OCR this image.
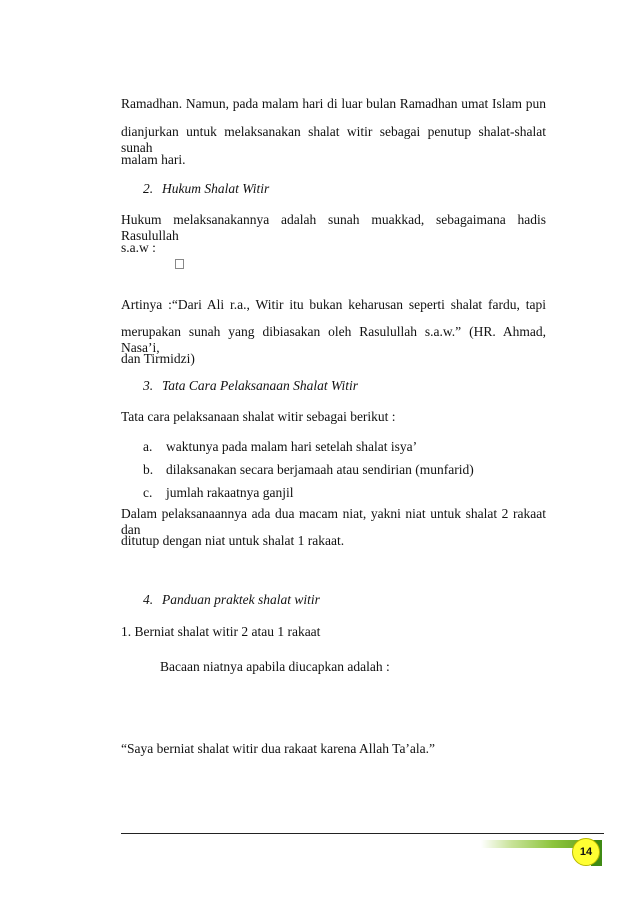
Ramadhan. Namun, pada malam hari di luar bulan Ramadhan umat Islam pun
dianjurkan untuk melaksanakan shalat witir sebagai penutup shalat-shalat sunah
malam hari.
2. Hukum Shalat Witir
Hukum melaksanakannya adalah sunah muakkad, sebagaimana hadis Rasulullah
s.a.w :
Artinya :“Dari Ali r.a., Witir itu bukan keharusan seperti shalat fardu, tapi
merupakan sunah yang dibiasakan oleh Rasulullah s.a.w.” (HR. Ahmad, Nasa’i,
dan Tirmidzi)
3. Tata Cara Pelaksanaan Shalat Witir
Tata cara pelaksanaan shalat witir sebagai berikut :
a. waktunya pada malam hari setelah shalat isya’
b. dilaksanakan secara berjamaah atau sendirian (munfarid)
c. jumlah rakaatnya ganjil
Dalam pelaksanaannya ada dua macam niat, yakni niat untuk shalat 2 rakaat dan
ditutup dengan niat untuk shalat 1 rakaat.
4. Panduan praktek shalat witir
1. Berniat shalat witir 2 atau 1 rakaat
Bacaan niatnya apabila diucapkan adalah :
“Saya berniat shalat witir dua rakaat karena Allah Ta’ala.”
14
